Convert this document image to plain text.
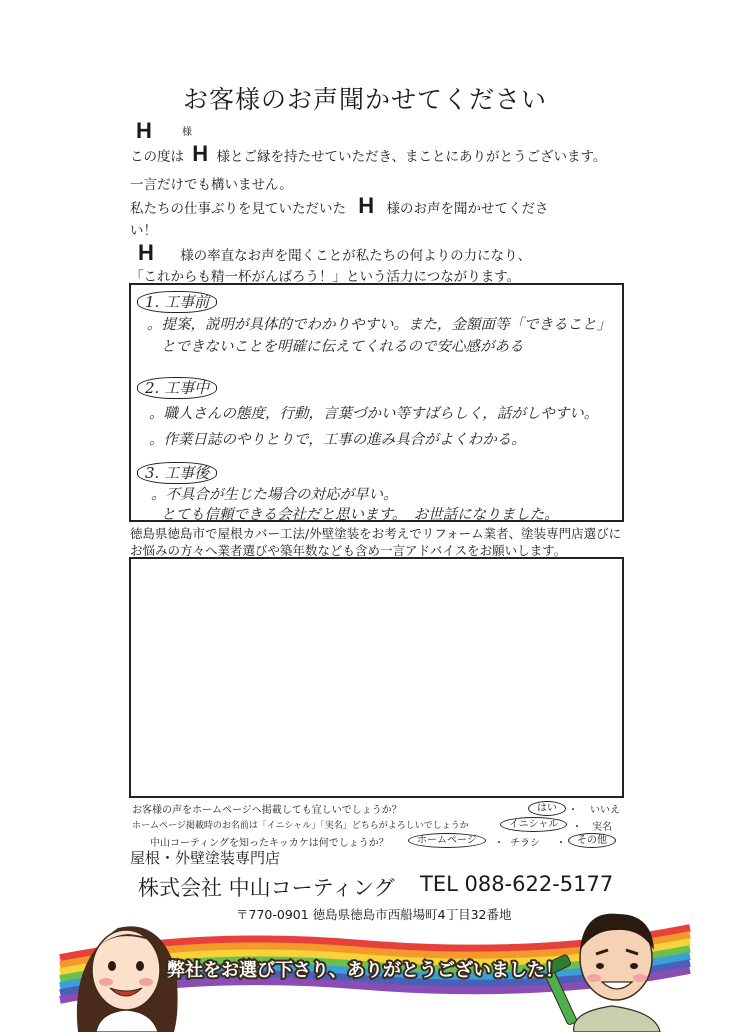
お客様のお声聞かせてください
H	様
この度は H 様とご縁を持たせていただき、まことにありがとうございます。
一言だけでも構いません。
私たちの仕事ぶりを見ていただいた H 様のお声を聞かせてくださ
い！
H 様の率直なお声を聞くことが私たちの何よりの力になり、
「これからも精一杯がんばろう！」という活力につながります。
1. 工事前
。提案，説明が具体的でわかりやすい。また，金額面等「できること」
とできないことを明確に伝えてくれるので安心感がある
2. 工事中
。職人さんの態度，行動，言葉づかい等すばらしく，話がしやすい。
。作業日誌のやりとりで，工事の進み具合がよくわかる。
3. 工事後
。不具合が生じた場合の対応が早い。
とても信頼できる会社だと思います。　お世話になりました。
徳島県徳島市で屋根カバー工法/外壁塗装をお考えでリフォーム業者、塗装専門店選びに
お悩みの方々へ業者選びや築年数なども含め一言アドバイスをお願いします。
お客様の声をホームページへ掲載しても宜しいでしょうか？	はい	・ いいえ
ホームページ掲載時のお名前は「イニシャル」「実名」どちらがよろしいでしょうか	イニシャル	・ 実名
中山コーティングを知ったキッカケは何でしょうか？	ホームページ	・ チラシ ・	その他
屋根・外壁塗装専門店
株式会社 中山コーティング TEL 088-622-5177
〒770-0901 徳島県徳島市西船場町4丁目32番地
弊社をお選び下さり、ありがとうございました！
